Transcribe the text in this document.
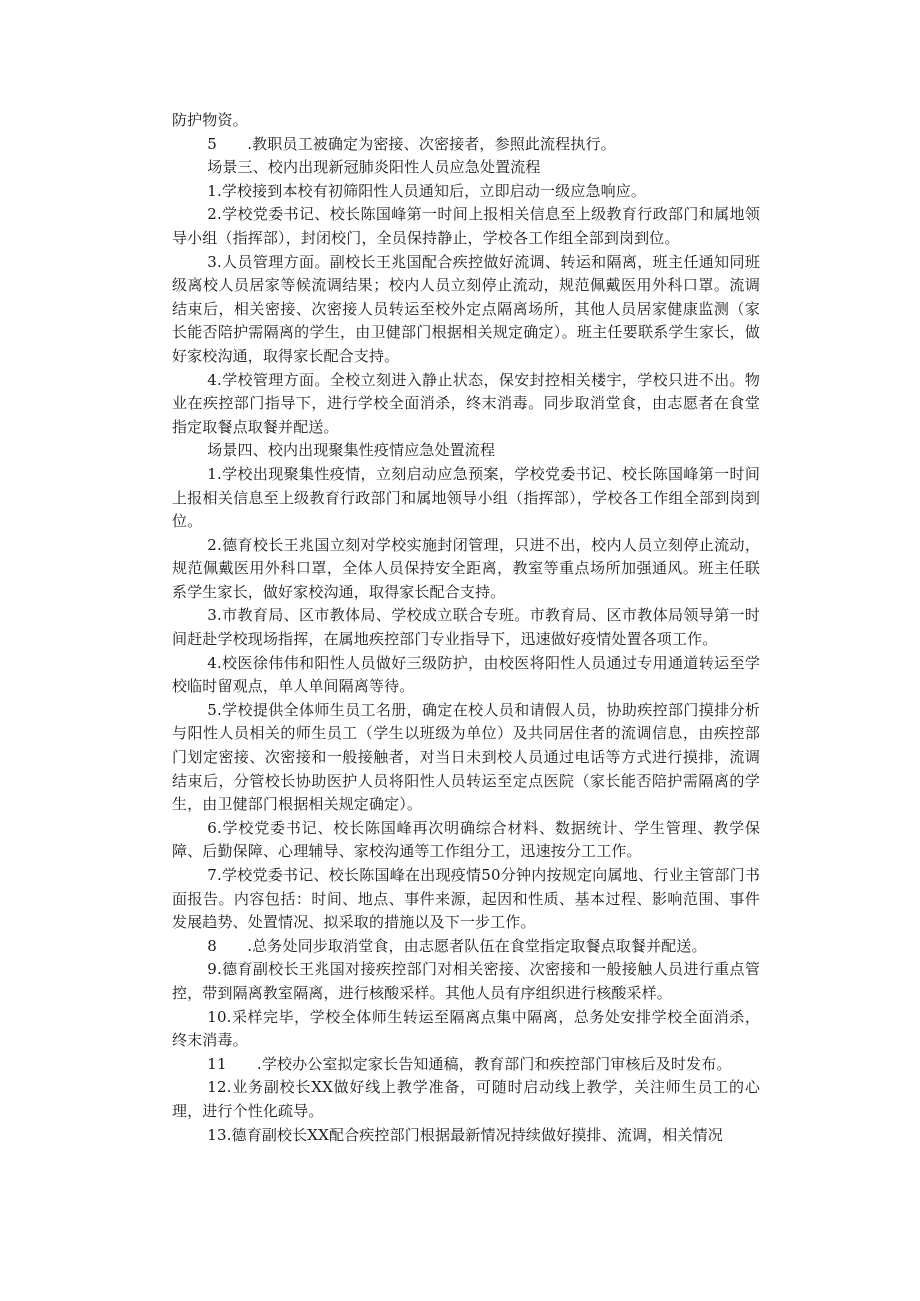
防护物资。

5　　.教职员工被确定为密接、次密接者，参照此流程执行。

场景三、校内出现新冠肺炎阳性人员应急处置流程

1.学校接到本校有初筛阳性人员通知后，立即启动一级应急响应。

2.学校党委书记、校长陈国峰第一时间上报相关信息至上级教育行政部门和属地领导小组（指挥部），封闭校门，全员保持静止，学校各工作组全部到岗到位。

3.人员管理方面。副校长王兆国配合疾控做好流调、转运和隔离，班主任通知同班级离校人员居家等候流调结果；校内人员立刻停止流动，规范佩戴医用外科口罩。流调结束后，相关密接、次密接人员转运至校外定点隔离场所，其他人员居家健康监测（家长能否陪护需隔离的学生，由卫健部门根据相关规定确定）。班主任要联系学生家长，做好家校沟通，取得家长配合支持。

4.学校管理方面。全校立刻进入静止状态，保安封控相关楼宇，学校只进不出。物业在疾控部门指导下，进行学校全面消杀，终末消毒。同步取消堂食，由志愿者在食堂指定取餐点取餐并配送。

场景四、校内出现聚集性疫情应急处置流程

1.学校出现聚集性疫情，立刻启动应急预案，学校党委书记、校长陈国峰第一时间上报相关信息至上级教育行政部门和属地领导小组（指挥部），学校各工作组全部到岗到位。

2.德育校长王兆国立刻对学校实施封闭管理，只进不出，校内人员立刻停止流动，规范佩戴医用外科口罩，全体人员保持安全距离，教室等重点场所加强通风。班主任联系学生家长，做好家校沟通，取得家长配合支持。

3.市教育局、区市教体局、学校成立联合专班。市教育局、区市教体局领导第一时间赶赴学校现场指挥，在属地疾控部门专业指导下，迅速做好疫情处置各项工作。

4.校医徐伟伟和阳性人员做好三级防护，由校医将阳性人员通过专用通道转运至学校临时留观点，单人单间隔离等待。

5.学校提供全体师生员工名册，确定在校人员和请假人员，协助疾控部门摸排分析与阳性人员相关的师生员工（学生以班级为单位）及共同居住者的流调信息，由疾控部门划定密接、次密接和一般接触者，对当日未到校人员通过电话等方式进行摸排，流调结束后，分管校长协助医护人员将阳性人员转运至定点医院（家长能否陪护需隔离的学生，由卫健部门根据相关规定确定）。

6.学校党委书记、校长陈国峰再次明确综合材料、数据统计、学生管理、教学保障、后勤保障、心理辅导、家校沟通等工作组分工，迅速按分工工作。

7.学校党委书记、校长陈国峰在出现疫情50分钟内按规定向属地、行业主管部门书面报告。内容包括：时间、地点、事件来源，起因和性质、基本过程、影响范围、事件发展趋势、处置情况、拟采取的措施以及下一步工作。

8　　.总务处同步取消堂食，由志愿者队伍在食堂指定取餐点取餐并配送。

9.德育副校长王兆国对接疾控部门对相关密接、次密接和一般接触人员进行重点管控，带到隔离教室隔离，进行核酸采样。其他人员有序组织进行核酸采样。

10.采样完毕，学校全体师生转运至隔离点集中隔离，总务处安排学校全面消杀，终末消毒。

11　　.学校办公室拟定家长告知通稿，教育部门和疾控部门审核后及时发布。

12.业务副校长XX做好线上教学准备，可随时启动线上教学，关注师生员工的心理，进行个性化疏导。

13.德育副校长XX配合疾控部门根据最新情况持续做好摸排、流调，相关情况
